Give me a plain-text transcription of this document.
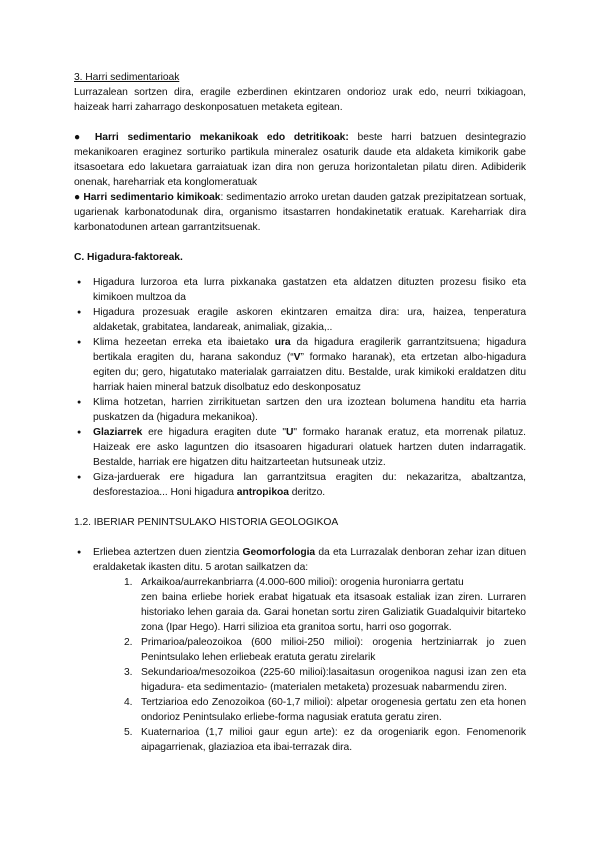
3. Harri sedimentarioak
Lurrazalean sortzen dira, eragile ezberdinen ekintzaren ondorioz urak edo, neurri txikiagoan, haizeak harri zaharrago deskonposatuen metaketa egitean.
● Harri sedimentario mekanikoak edo detritikoak: beste harri batzuen desintegrazio mekanikoaren eraginez sorturiko partikula mineralez osaturik daude eta aldaketa kimikorik gabe itsasoetara edo lakuetara garraiatuak izan dira non geruza horizontaletan pilatu diren. Adibiderik onenak, hareharriak eta konglomeratuak
● Harri sedimentario kimikoak: sedimentazio arroko uretan dauden gatzak prezipitatzean sortuak, ugarienak karbonatodunak dira, organismo itsastarren hondakinetatik eratuak. Kareharriak dira karbonatodunen artean garrantzitsuenak.
C. Higadura-faktoreak.
● Higadura lurzoroa eta lurra pixkanaka gastatzen eta aldatzen dituzten prozesu fisiko eta kimikoen multzoa da
● Higadura prozesuak eragile askoren ekintzaren emaitza dira: ura, haizea, tenperatura aldaketak, grabitatea, landareak, animaliak, gizakia,..
● Klima hezeetan erreka eta ibaietako ura da higadura eragilerik garrantzitsuena; higadura bertikala eragiten du, harana sakonduz (“V” formako haranak), eta ertzetan albo-higadura egiten du; gero, higatutako materialak garraiatzen ditu. Bestalde, urak kimikoki eraldatzen ditu harriak haien mineral batzuk disolbatuz edo deskonposatuz
● Klima hotzetan, harrien zirrikituetan sartzen den ura izoztean bolumena handitu eta harria puskatzen da (higadura mekanikoa).
● Glaziarrek ere higadura eragiten dute "U" formako haranak eratuz, eta morrenak pilatuz. Haizeak ere asko laguntzen dio itsasoaren higadurari olatuek hartzen duten indarragatik. Bestalde, harriak ere higatzen ditu haitzarteetan hutsuneak utziz.
● Giza-jarduerak ere higadura lan garrantzitsua eragiten du: nekazaritza, abaltzantza, desforestazioa... Honi higadura antropikoa deritzo.
1.2. IBERIAR PENINTSULAKO HISTORIA GEOLOGIKOA
● Erliebea aztertzen duen zientzia Geomorfologia da eta Lurrazalak denboran zehar izan dituen eraldaketak ikasten ditu. 5 arotan sailkatzen da:
1. Arkaikoa/aurrekanbriarra (4.000-600 milioi): orogenia huroniarra gertatu
zen baina erliebe horiek erabat higatuak eta itsasoak estaliak izan ziren. Lurraren historiako lehen garaia da. Garai honetan sortu ziren Galiziatik Guadalquivir bitarteko zona (Ipar Hego). Harri silizioa eta granitoa sortu, harri oso gogorrak.
2. Primarioa/paleozoikoa (600 milioi-250 milioi): orogenia hertziniarrak jo zuen Penintsulako lehen erliebeak eratuta geratu zirelarik
3. Sekundarioa/mesozoikoa (225-60 milioi):lasaitasun orogenikoa nagusi izan zen eta higadura- eta sedimentazio- (materialen metaketa) prozesuak nabarmendu ziren.
4. Tertziarioa edo Zenozoikoa (60-1,7 milioi): alpetar orogenesia gertatu zen eta honen ondorioz Penintsulako erliebe-forma nagusiak eratuta geratu ziren.
5. Kuaternarioa (1,7 milioi gaur egun arte): ez da orogeniarik egon. Fenomenorik aipagarrienak, glaziazioa eta ibai-terrazak dira.
